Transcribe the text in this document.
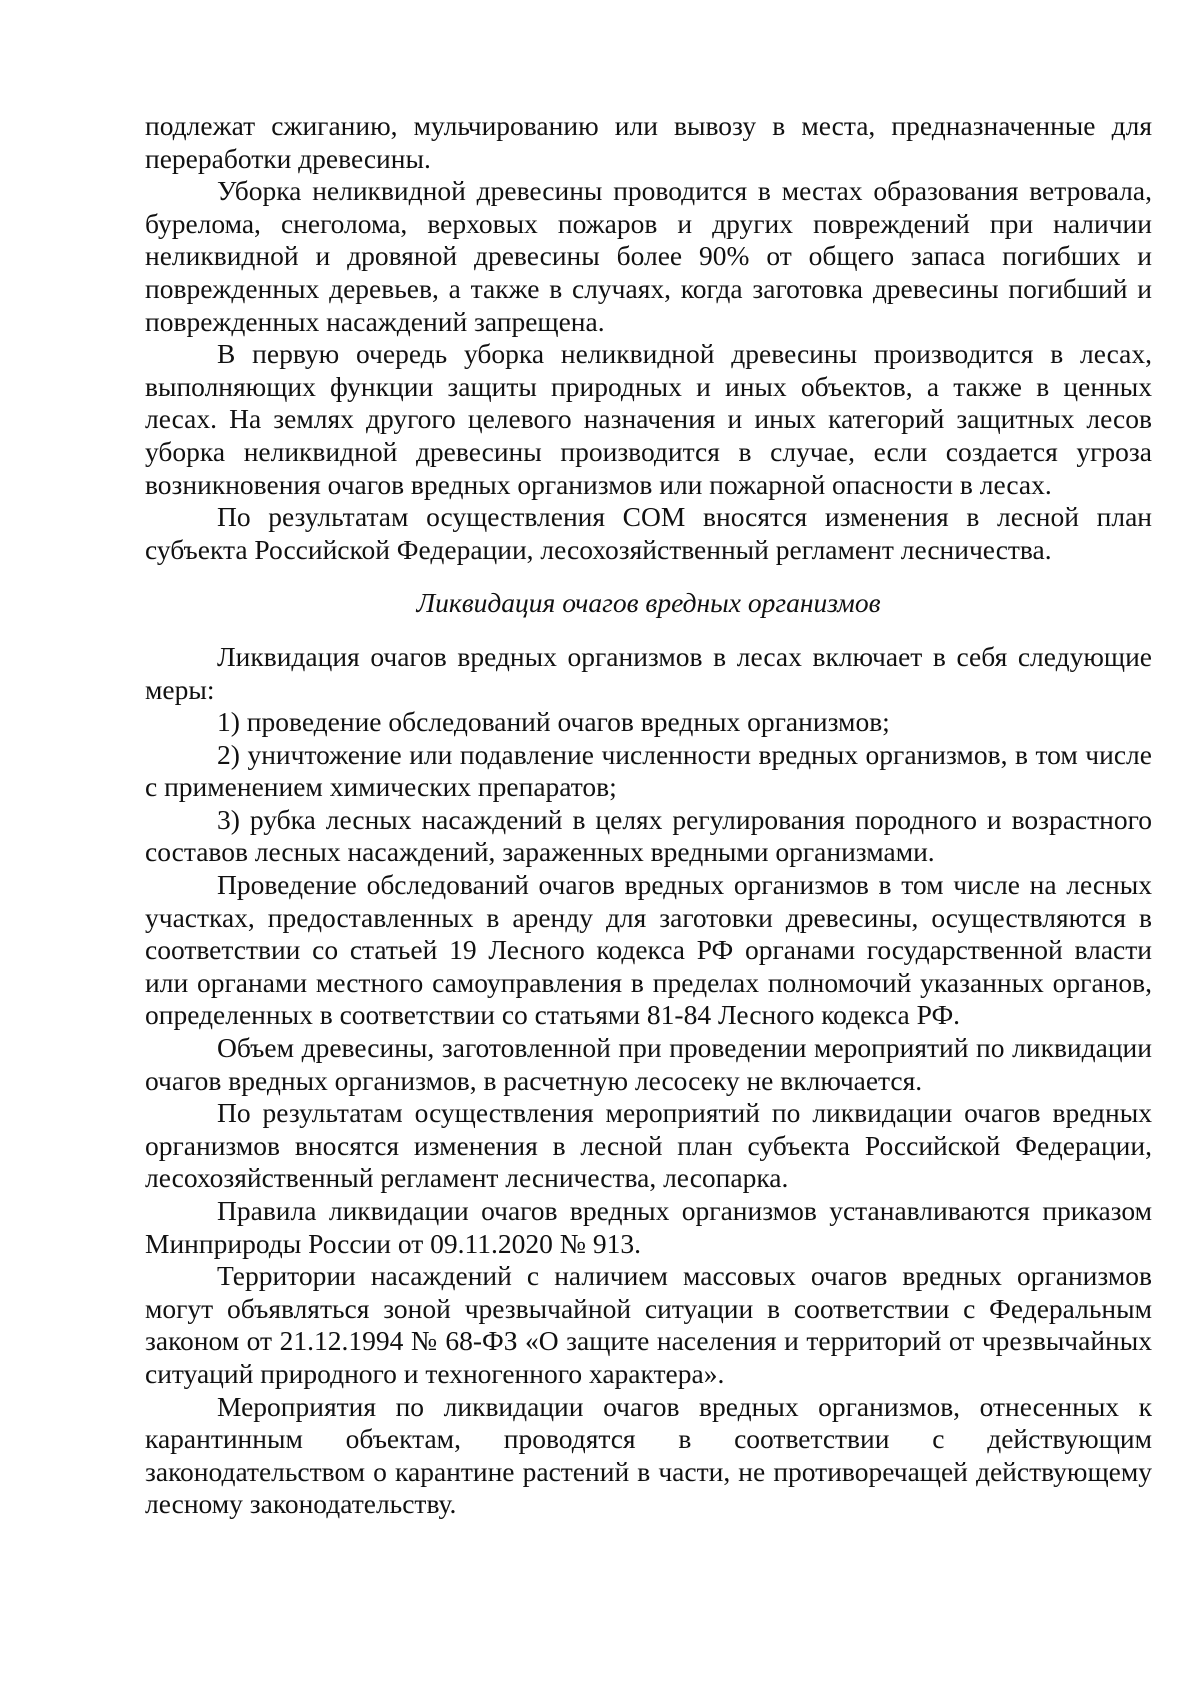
подлежат сжиганию, мульчированию или вывозу в места, предназначенные для переработки древесины.

Уборка неликвидной древесины проводится в местах образования ветровала, бурелома, снеголома, верховых пожаров и других повреждений при наличии неликвидной и дровяной древесины более 90% от общего запаса погибших и поврежденных деревьев, а также в случаях, когда заготовка древесины погибший и поврежденных насаждений запрещена.

В первую очередь уборка неликвидной древесины производится в лесах, выполняющих функции защиты природных и иных объектов, а также в ценных лесах. На землях другого целевого назначения и иных категорий защитных лесов уборка неликвидной древесины производится в случае, если создается угроза возникновения очагов вредных организмов или пожарной опасности в лесах.

По результатам осуществления СОМ вносятся изменения в лесной план субъекта Российской Федерации, лесохозяйственный регламент лесничества.

Ликвидация очагов вредных организмов

Ликвидация очагов вредных организмов в лесах включает в себя следующие меры:

1) проведение обследований очагов вредных организмов;

2) уничтожение или подавление численности вредных организмов, в том числе с применением химических препаратов;

3) рубка лесных насаждений в целях регулирования породного и возрастного составов лесных насаждений, зараженных вредными организмами.

Проведение обследований очагов вредных организмов в том числе на лесных участках, предоставленных в аренду для заготовки древесины, осуществляются в соответствии со статьей 19 Лесного кодекса РФ органами государственной власти или органами местного самоуправления в пределах полномочий указанных органов, определенных в соответствии со статьями 81-84 Лесного кодекса РФ.

Объем древесины, заготовленной при проведении мероприятий по ликвидации очагов вредных организмов, в расчетную лесосеку не включается.

По результатам осуществления мероприятий по ликвидации очагов вредных организмов вносятся изменения в лесной план субъекта Российской Федерации, лесохозяйственный регламент лесничества, лесопарка.

Правила ликвидации очагов вредных организмов устанавливаются приказом Минприроды России от 09.11.2020 № 913.

Территории насаждений с наличием массовых очагов вредных организмов могут объявляться зоной чрезвычайной ситуации в соответствии с Федеральным законом от 21.12.1994 № 68-ФЗ «О защите населения и территорий от чрезвычайных ситуаций природного и техногенного характера».

Мероприятия по ликвидации очагов вредных организмов, отнесенных к карантинным объектам, проводятся в соответствии с действующим законодательством о карантине растений в части, не противоречащей действующему лесному законодательству.
